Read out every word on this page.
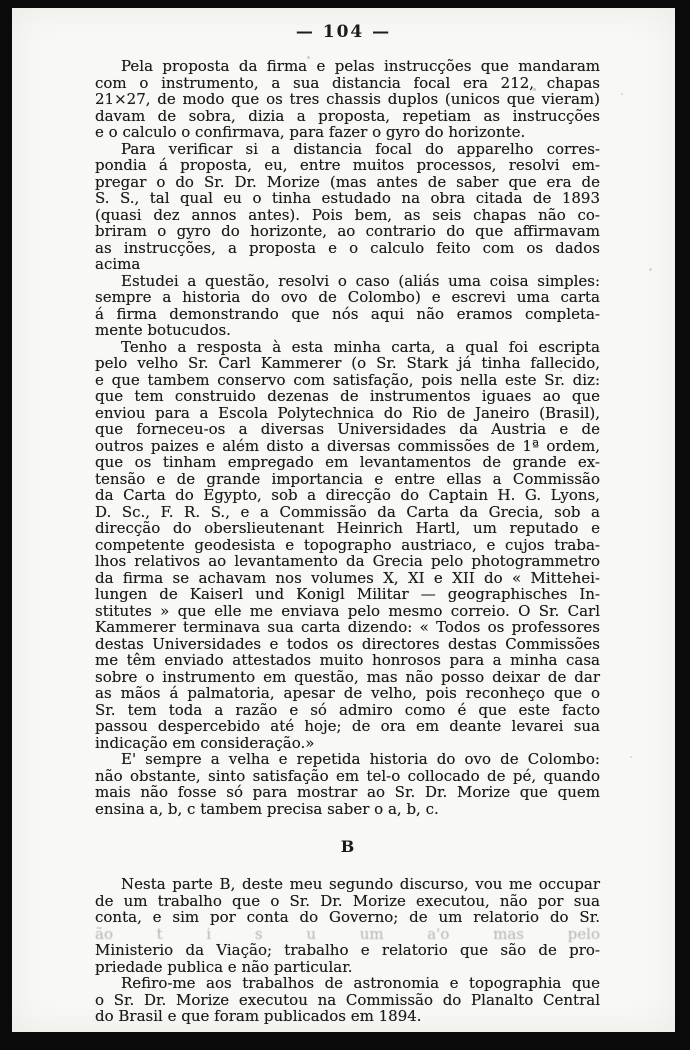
— 104 —
Pela proposta da firma e pelas instrucções que mandaram
com o instrumento, a sua distancia focal era 212, chapas
21×27, de modo que os tres chassis duplos (unicos que vieram)
davam de sobra, dizia a proposta, repetiam as instrucções
e o calculo o confirmava, para fazer o gyro do horizonte.
Para verificar si a distancia focal do apparelho corres-
pondia á proposta, eu, entre muitos processos, resolvi em-
pregar o do Sr. Dr. Morize (mas antes de saber que era de
S. S., tal qual eu o tinha estudado na obra citada de 1893
(quasi dez annos antes). Pois bem, as seis chapas não co-
briram o gyro do horizonte, ao contrario do que affirmavam
as instrucções, a proposta e o calculo feito com os dados
acima
Estudei a questão, resolvi o caso (aliás uma coisa simples:
sempre a historia do ovo de Colombo) e escrevi uma carta
á firma demonstrando que nós aqui não eramos completa-
mente botucudos.
Tenho a resposta à esta minha carta, a qual foi escripta
pelo velho Sr. Carl Kammerer (o Sr. Stark já tinha fallecido,
e que tambem conservo com satisfação, pois nella este Sr. diz:
que tem construido dezenas de instrumentos iguaes ao que
enviou para a Escola Polytechnica do Rio de Janeiro (Brasil),
que forneceu-os a diversas Universidades da Austria e de
outros paizes e além disto a diversas commissões de 1ª ordem,
que os tinham empregado em levantamentos de grande ex-
tensão e de grande importancia e entre ellas a Commissão
da Carta do Egypto, sob a direcção do Captain H. G. Lyons,
D. Sc., F. R. S., e a Commissão da Carta da Grecia, sob a
direcção do oberslieutenant Heinrich Hartl, um reputado e
competente geodesista e topographo austriaco, e cujos traba-
lhos relativos ao levantamento da Grecia pelo photogrammetro
da firma se achavam nos volumes X, XI e XII do « Mittehei-
lungen de Kaiserl und Konigl Militar — geographisches In-
stitutes » que elle me enviava pelo mesmo correio. O Sr. Carl
Kammerer terminava sua carta dizendo: « Todos os professores
destas Universidades e todos os directores destas Commissões
me têm enviado attestados muito honrosos para a minha casa
sobre o instrumento em questão, mas não posso deixar de dar
as mãos á palmatoria, apesar de velho, pois reconheço que o
Sr. tem toda a razão e só admiro como é que este facto
passou despercebido até hoje; de ora em deante levarei sua
indicação em consideração.»
E' sempre a velha e repetida historia do ovo de Colombo:
não obstante, sinto satisfação em tel-o collocado de pé, quando
mais não fosse só para mostrar ao Sr. Dr. Morize que quem
ensina a, b, c tambem precisa saber o a, b, c.
B
Nesta parte B, deste meu segundo discurso, vou me occupar
de um trabalho que o Sr. Dr. Morize executou, não por sua
conta, e sim por conta do Governo; de um relatorio do Sr.
ão t i s u um a'o mas pelo
Ministerio da Viação; trabalho e relatorio que são de pro-
priedade publica e não particular.
Refiro-me aos trabalhos de astronomia e topographia que
o Sr. Dr. Morize executou na Commissão do Planalto Central
do Brasil e que foram publicados em 1894.
